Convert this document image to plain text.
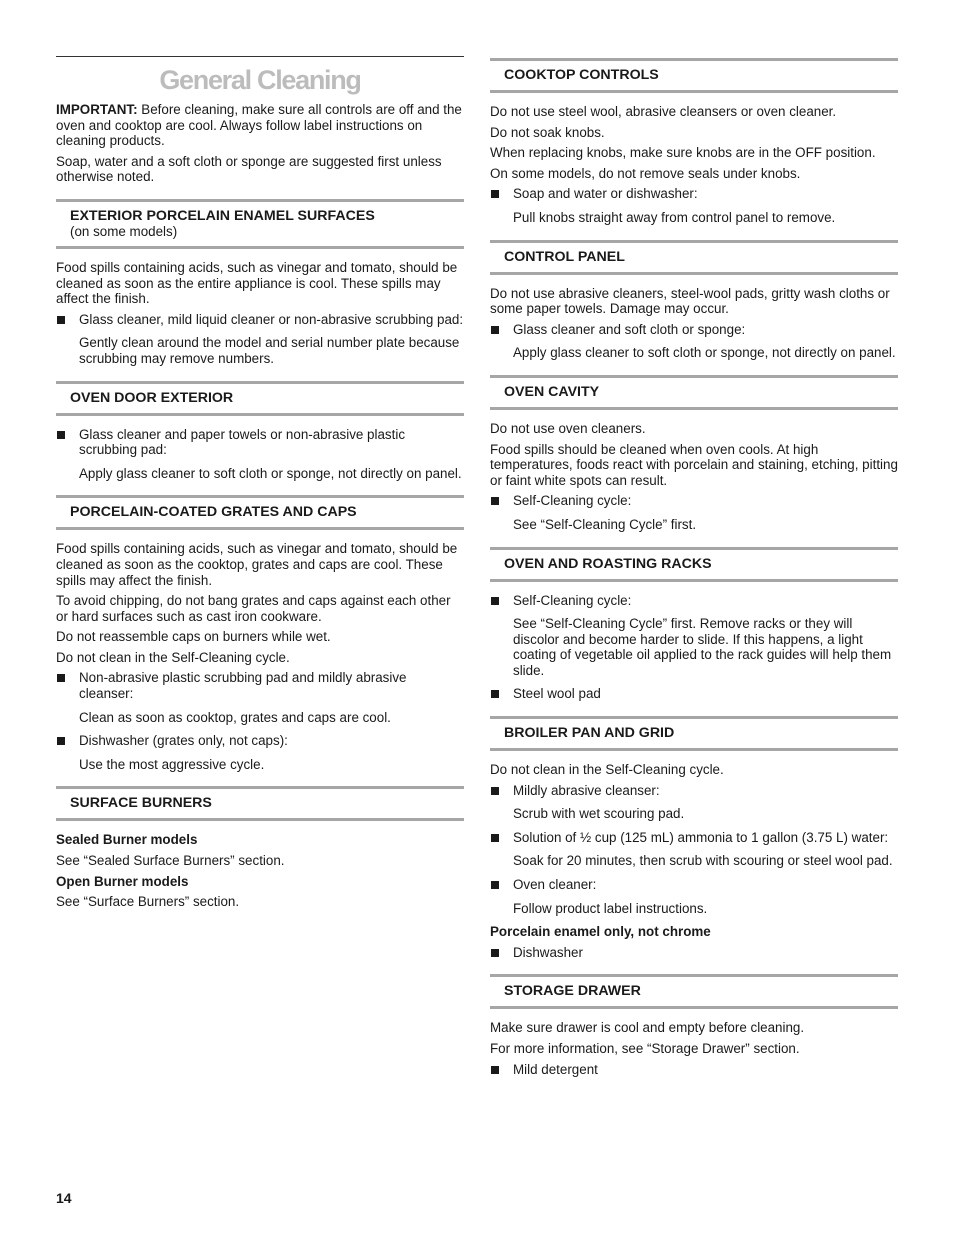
General Cleaning

IMPORTANT: Before cleaning, make sure all controls are off and the oven and cooktop are cool. Always follow label instructions on cleaning products.

Soap, water and a soft cloth or sponge are suggested first unless otherwise noted.

EXTERIOR PORCELAIN ENAMEL SURFACES
(on some models)

Food spills containing acids, such as vinegar and tomato, should be cleaned as soon as the entire appliance is cool. These spills may affect the finish.

Glass cleaner, mild liquid cleaner or non-abrasive scrubbing pad:
Gently clean around the model and serial number plate because scrubbing may remove numbers.
OVEN DOOR EXTERIOR
Glass cleaner and paper towels or non-abrasive plastic scrubbing pad:
Apply glass cleaner to soft cloth or sponge, not directly on panel.
PORCELAIN-COATED GRATES AND CAPS

Food spills containing acids, such as vinegar and tomato, should be cleaned as soon as the cooktop, grates and caps are cool. These spills may affect the finish.

To avoid chipping, do not bang grates and caps against each other or hard surfaces such as cast iron cookware.

Do not reassemble caps on burners while wet.

Do not clean in the Self-Cleaning cycle.

Non-abrasive plastic scrubbing pad and mildly abrasive cleanser:
Clean as soon as cooktop, grates and caps are cool.
Dishwasher (grates only, not caps):
Use the most aggressive cycle.
SURFACE BURNERS
Sealed Burner models

See “Sealed Surface Burners” section.

Open Burner models

See “Surface Burners” section.

COOKTOP CONTROLS

Do not use steel wool, abrasive cleansers or oven cleaner.

Do not soak knobs.

When replacing knobs, make sure knobs are in the OFF position.

On some models, do not remove seals under knobs.

Soap and water or dishwasher:
Pull knobs straight away from control panel to remove.
CONTROL PANEL

Do not use abrasive cleaners, steel-wool pads, gritty wash cloths or some paper towels. Damage may occur.

Glass cleaner and soft cloth or sponge:
Apply glass cleaner to soft cloth or sponge, not directly on panel.
OVEN CAVITY

Do not use oven cleaners.

Food spills should be cleaned when oven cools. At high temperatures, foods react with porcelain and staining, etching, pitting or faint white spots can result.

Self-Cleaning cycle:
See “Self-Cleaning Cycle” first.
OVEN AND ROASTING RACKS
Self-Cleaning cycle:
See “Self-Cleaning Cycle” first. Remove racks or they will discolor and become harder to slide. If this happens, a light coating of vegetable oil applied to the rack guides will help them slide.
Steel wool pad
BROILER PAN AND GRID

Do not clean in the Self-Cleaning cycle.

Mildly abrasive cleanser:
Scrub with wet scouring pad.
Solution of ½ cup (125 mL) ammonia to 1 gallon (3.75 L) water:
Soak for 20 minutes, then scrub with scouring or steel wool pad.
Oven cleaner:
Follow product label instructions.
Porcelain enamel only, not chrome
Dishwasher
STORAGE DRAWER

Make sure drawer is cool and empty before cleaning.

For more information, see “Storage Drawer” section.

Mild detergent
14
